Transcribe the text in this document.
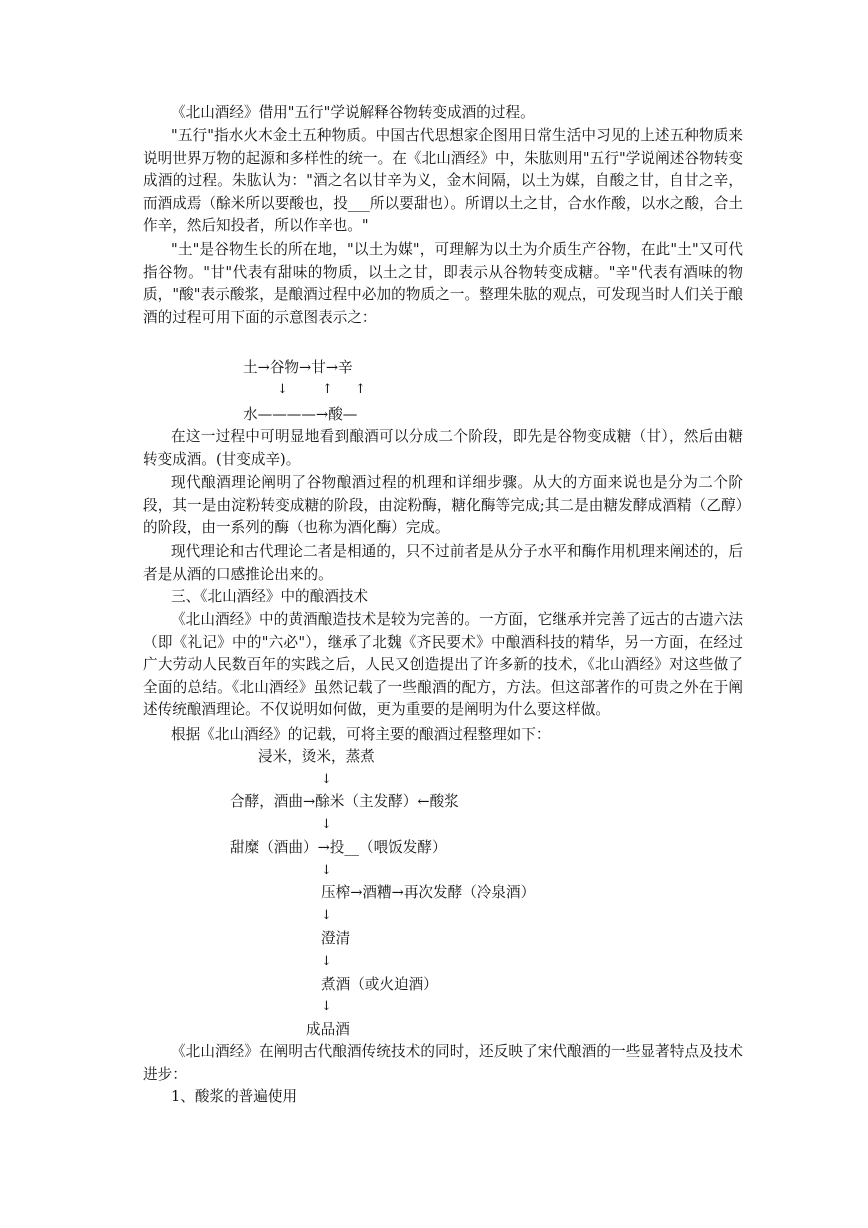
《北山酒经》借用"五行"学说解释谷物转变成酒的过程。

"五行"指水火木金土五种物质。中国古代思想家企图用日常生活中习见的上述五种物质来说明世界万物的起源和多样性的统一。在《北山酒经》中，朱肱则用"五行"学说阐述谷物转变成酒的过程。朱肱认为："酒之名以甘辛为义，金木间隔，以土为媒，自酸之甘，自甘之辛，而酒成焉（酴米所以要酸也，投___所以要甜也）。所谓以土之甘，合水作酸，以水之酸，合土作辛，然后知投者，所以作辛也。"

"土"是谷物生长的所在地，"以土为媒"，可理解为以土为介质生产谷物，在此"土"又可代指谷物。"甘"代表有甜味的物质，以土之甘，即表示从谷物转变成糖。"辛"代表有酒味的物质，"酸"表示酸浆，是酿酒过程中必加的物质之一。整理朱肱的观点，可发现当时人们关于酿酒的过程可用下面的示意图表示之：

土→谷物→甘→辛
↓	↑ ↑
水————→酸—

在这一过程中可明显地看到酿酒可以分成二个阶段，即先是谷物变成糖（甘），然后由糖转变成酒。(甘变成辛)。

现代酿酒理论阐明了谷物酿酒过程的机理和详细步骤。从大的方面来说也是分为二个阶段，其一是由淀粉转变成糖的阶段，由淀粉酶，糖化酶等完成;其二是由糖发酵成酒精（乙醇）的阶段，由一系列的酶（也称为酒化酶）完成。

现代理论和古代理论二者是相通的，只不过前者是从分子水平和酶作用机理来阐述的，后者是从酒的口感推论出来的。

三、《北山酒经》中的酿酒技术

《北山酒经》中的黄酒酿造技术是较为完善的。一方面，它继承并完善了远古的古遗六法（即《礼记》中的"六必"），继承了北魏《齐民要术》中酿酒科技的精华，另一方面，在经过广大劳动人民数百年的实践之后，人民又创造提出了许多新的技术，《北山酒经》对这些做了全面的总结。《北山酒经》虽然记载了一些酿酒的配方，方法。但这部著作的可贵之外在于阐述传统酿酒理论。不仅说明如何做，更为重要的是阐明为什么要这样做。

根据《北山酒经》的记载，可将主要的酿酒过程整理如下：

浸米，烫米，蒸煮
↓
合酵，酒曲→酴米（主发酵）←酸浆
↓
甜糜（酒曲）→投__（喂饭发酵）
↓
压榨→酒糟→再次发酵（冷泉酒）
↓
澄清
↓
煮酒（或火迫酒）
↓
成品酒

《北山酒经》在阐明古代酿酒传统技术的同时，还反映了宋代酿酒的一些显著特点及技术进步：

1、酸浆的普遍使用
